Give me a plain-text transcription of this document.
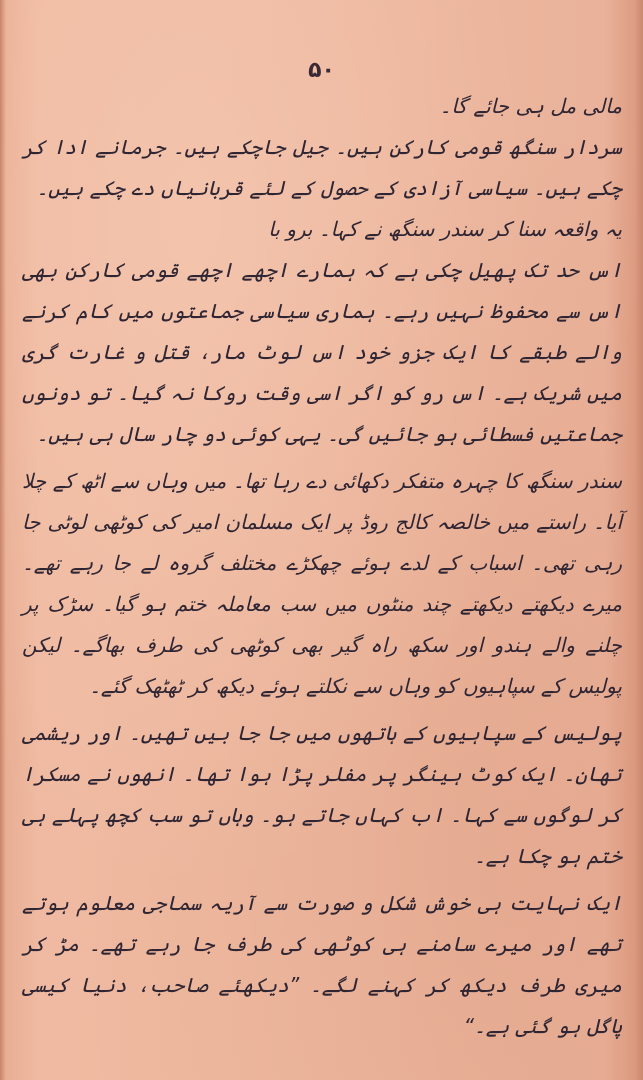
۵۰

مالی مل ہی جائے گا۔

سردار سنگھ قومی کارکن ہیں۔ جیل جاچکے ہیں۔ جرمانے ادا کر چکے ہیں۔ سیاسی آزادی کے حصول کے لئے قربانیاں دے چکے ہیں۔

یہ واقعہ سنا کر سندر سنگھ نے کہا۔ برو با

اس حد تک پھیل چکی ہے کہ ہمارے اچھے اچھے قومی کارکن بھی اس سے محفوظ نہیں رہے۔ ہماری سیاسی جماعتوں میں کام کرنے والے طبقے کا ایک جزو خود اس لوٹ مار، قتل و غارت گری میں شریک ہے۔ اس رو کو اگر اسی وقت روکا نہ گیا۔ تو دونوں جماعتیں فسطائی ہو جائیں گی۔ یہی کوئی دو چار سال ہی ہیں۔

سندر سنگھ کا چہرہ متفکر دکھائی دے رہا تھا۔ میں وہاں سے اٹھ کے چلا آیا۔ راستے میں خالصہ کالج روڈ پر ایک مسلمان امیر کی کوٹھی لوٹی جا رہی تھی۔ اسباب کے لدے ہوئے چھکڑے مختلف گروہ لے جا رہے تھے۔ میرے دیکھتے دیکھتے چند منٹوں میں سب معاملہ ختم ہو گیا۔ سڑک پر چلنے والے ہندو اور سکھ راہ گیر بھی کوٹھی کی طرف بھاگے۔ لیکن پولیس کے سپاہیوں کو وہاں سے نکلتے ہوئے دیکھ کر ٹھٹھک گئے۔

پولیس کے سپاہیوں کے ہاتھوں میں جا جا بیں تھیں۔ اور ریشمی تھان۔ ایک کوٹ ہینگر پر مفلر پڑا ہوا تھا۔ انھوں نے مسکرا کر لوگوں سے کہا۔ اب کہاں جاتے ہو۔ وہاں تو سب کچھ پہلے ہی ختم ہو چکا ہے۔

ایک نہایت ہی خوش شکل و صورت سے آریہ سماجی معلوم ہوتے تھے اور میرے سامنے ہی کوٹھی کی طرف جا رہے تھے۔ مڑ کر میری طرف دیکھ کر کہنے لگے۔ ”دیکھئے صاحب، دنیا کیسی پاگل ہو گئی ہے۔“
